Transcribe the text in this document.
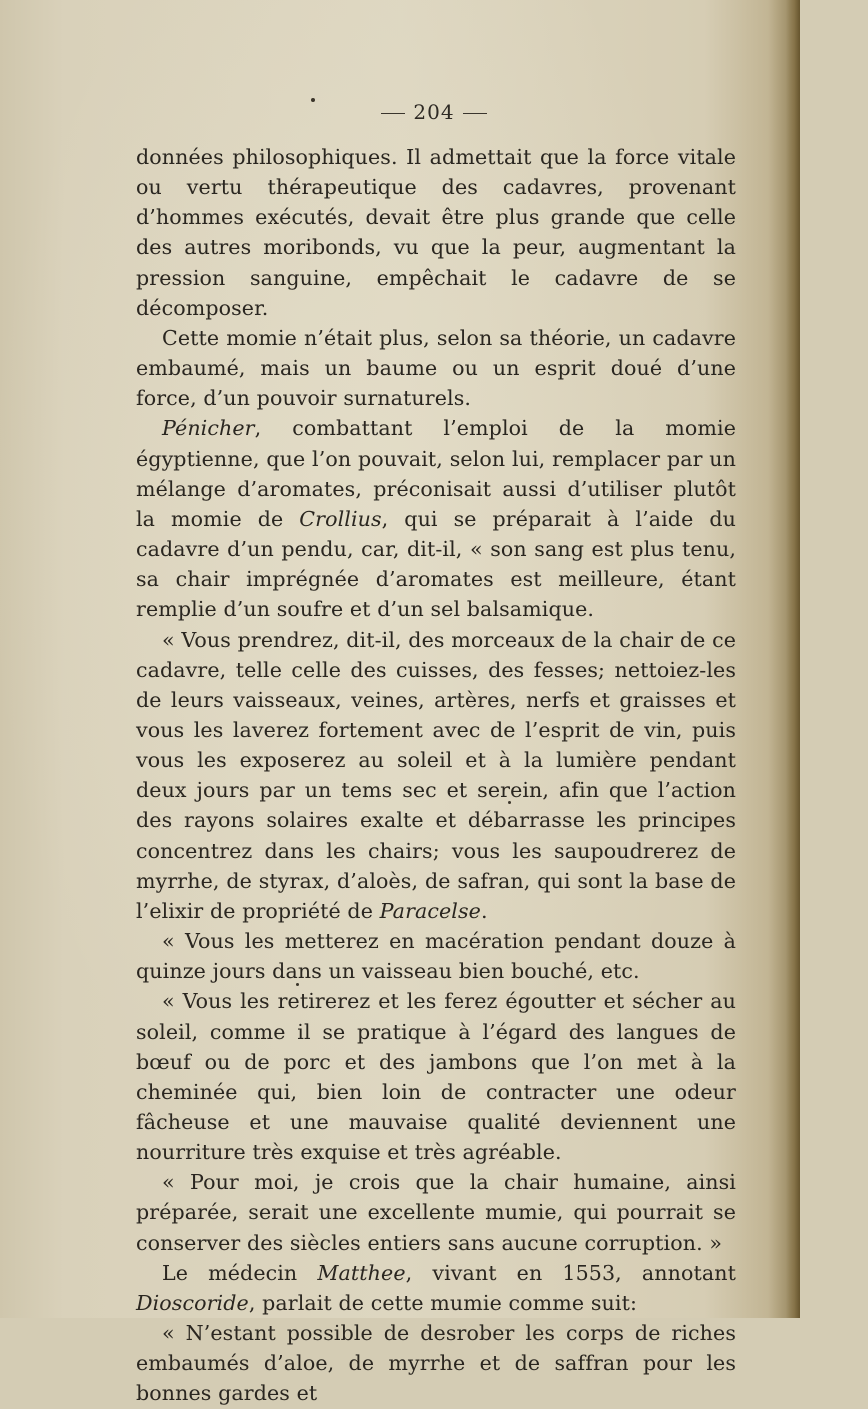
204

données philosophiques. Il admettait que la force vitale ou vertu thérapeutique des cadavres, provenant d’hommes exécutés, devait être plus grande que celle des autres moribonds, vu que la peur, augmentant la pression sanguine, empêchait le cadavre de se décomposer.

Cette momie n’était plus, selon sa théorie, un cadavre embaumé, mais un baume ou un esprit doué d’une force, d’un pouvoir surnaturels.

Pénicher, combattant l’emploi de la momie égyptienne, que l’on pouvait, selon lui, remplacer par un mélange d’aromates, préconisait aussi d’utiliser plutôt la momie de Crollius, qui se préparait à l’aide du cadavre d’un pendu, car, dit-il, « son sang est plus tenu, sa chair imprégnée d’aromates est meilleure, étant remplie d’un soufre et d’un sel balsamique.

« Vous prendrez, dit-il, des morceaux de la chair de ce cadavre, telle celle des cuisses, des fesses; nettoiez-les de leurs vaisseaux, veines, artères, nerfs et graisses et vous les laverez fortement avec de l’esprit de vin, puis vous les exposerez au soleil et à la lumière pendant deux jours par un tems sec et serein, afin que l’action des rayons solaires exalte et débarrasse les principes concentrez dans les chairs; vous les saupoudrerez de myrrhe, de styrax, d’aloès, de safran, qui sont la base de l’elixir de propriété de Paracelse.

« Vous les metterez en macération pendant douze à quinze jours dans un vaisseau bien bouché, etc.

« Vous les retirerez et les ferez égoutter et sécher au soleil, comme il se pratique à l’égard des langues de bœuf ou de porc et des jambons que l’on met à la cheminée qui, bien loin de contracter une odeur fâcheuse et une mauvaise qualité deviennent une nourriture très exquise et très agréable.

« Pour moi, je crois que la chair humaine, ainsi préparée, serait une excellente mumie, qui pourrait se conserver des siècles entiers sans aucune corruption. »

Le médecin Matthee, vivant en 1553, annotant Dioscoride, parlait de cette mumie comme suit:

« N’estant possible de desrober les corps de riches embaumés d’aloe, de myrrhe et de saffran pour les bonnes gardes et
